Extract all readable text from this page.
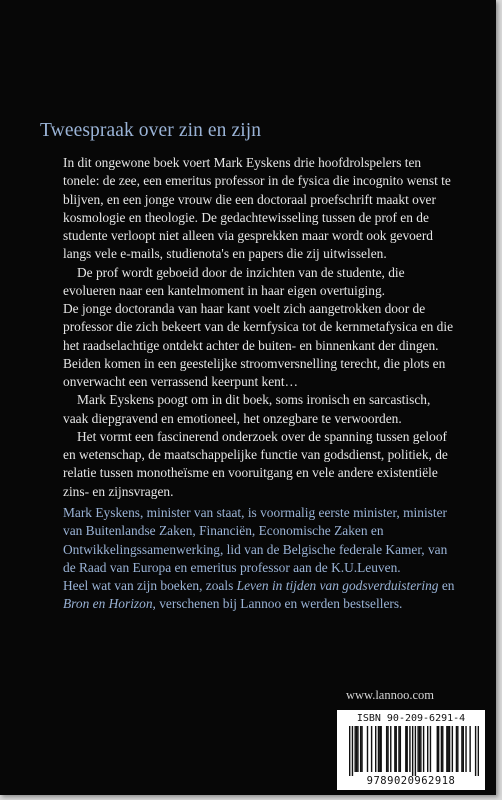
Tweespraak over zin en zijn

In dit ongewone boek voert Mark Eyskens drie hoofdrolspelers ten tonele: de zee, een emeritus professor in de fysica die incognito wenst te blijven, en een jonge vrouw die een doctoraal proefschrift maakt over kosmologie en theologie. De gedachtewisseling tussen de prof en de studente verloopt niet alleen via gesprekken maar wordt ook gevoerd langs vele e-mails, studienota's en papers die zij uitwisselen.

De prof wordt geboeid door de inzichten van de studente, die evolueren naar een kantelmoment in haar eigen overtuiging.

De jonge doctoranda van haar kant voelt zich aangetrokken door de professor die zich bekeert van de kernfysica tot de kernmetafysica en die het raadselachtige ontdekt achter de buiten- en binnenkant der dingen. Beiden komen in een geestelijke stroomversnelling terecht, die plots en onverwacht een verrassend keerpunt kent…

Mark Eyskens poogt om in dit boek, soms ironisch en sarcastisch, vaak diepgravend en emotioneel, het onzegbare te verwoorden.

Het vormt een fascinerend onderzoek over de spanning tussen geloof en wetenschap, de maatschappelijke functie van godsdienst, politiek, de relatie tussen monotheïsme en vooruitgang en vele andere existentiële zins- en zijnsvragen.

Mark Eyskens, minister van staat, is voormalig eerste minister, minister van Buitenlandse Zaken, Financiën, Economische Zaken en Ontwikkelingssamenwerking, lid van de Belgische federale Kamer, van de Raad van Europa en emeritus professor aan de K.U.Leuven.

Heel wat van zijn boeken, zoals Leven in tijden van godsverduistering en Bron en Horizon, verschenen bij Lannoo en werden bestsellers.

www.lannoo.com
ISBN 90-209-6291-4
9789020962918
